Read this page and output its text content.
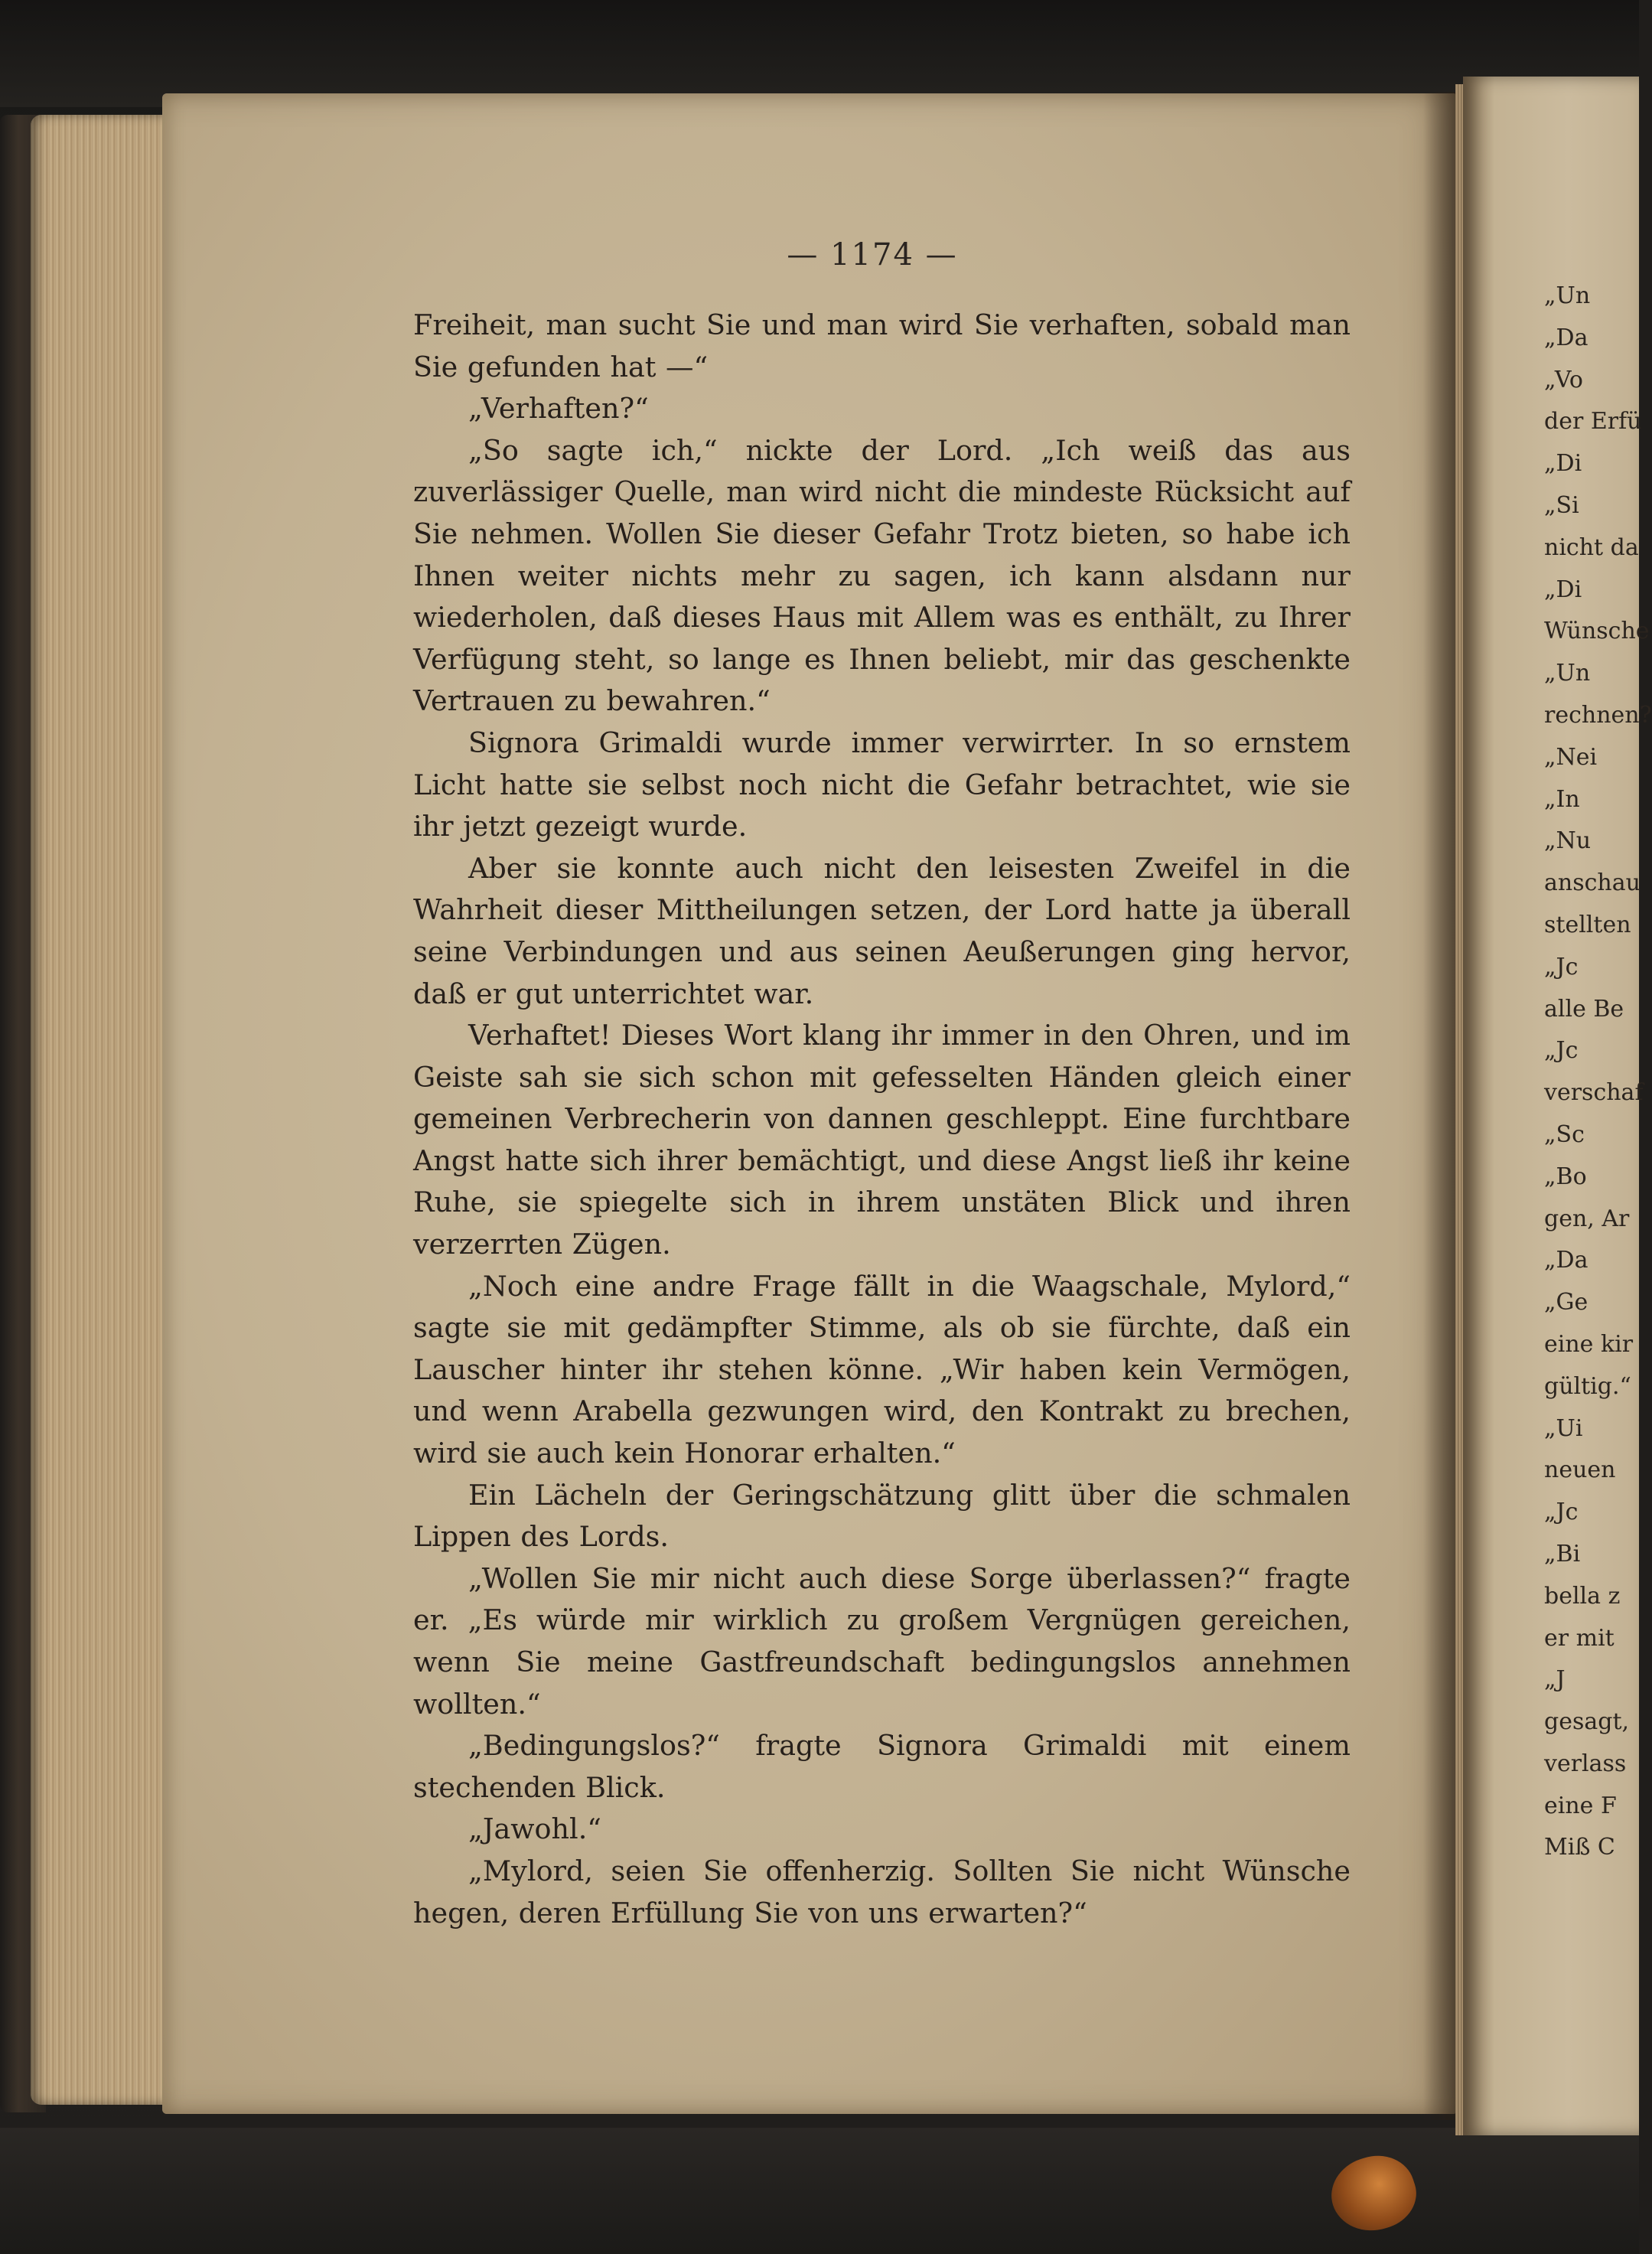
— 1174 —

Freiheit, man sucht Sie und man wird Sie verhaften, sobald man Sie gefunden hat —“

„Verhaften?“

„So sagte ich,“ nickte der Lord. „Ich weiß das aus zuverlässiger Quelle, man wird nicht die mindeste Rücksicht auf Sie nehmen. Wollen Sie dieser Gefahr Trotz bieten, so habe ich Ihnen weiter nichts mehr zu sagen, ich kann alsdann nur wiederholen, daß dieses Haus mit Allem was es enthält, zu Ihrer Verfügung steht, so lange es Ihnen beliebt, mir das geschenkte Vertrauen zu bewahren.“

Signora Grimaldi wurde immer verwirrter. In so ernstem Licht hatte sie selbst noch nicht die Gefahr betrachtet, wie sie ihr jetzt gezeigt wurde.

Aber sie konnte auch nicht den leisesten Zweifel in die Wahrheit dieser Mittheilungen setzen, der Lord hatte ja überall seine Verbindungen und aus seinen Aeußerungen ging hervor, daß er gut unterrichtet war.

Verhaftet! Dieses Wort klang ihr immer in den Ohren, und im Geiste sah sie sich schon mit gefesselten Händen gleich einer gemeinen Verbrecherin von dannen geschleppt. Eine furchtbare Angst hatte sich ihrer bemächtigt, und diese Angst ließ ihr keine Ruhe, sie spiegelte sich in ihrem unstäten Blick und ihren verzerrten Zügen.

„Noch eine andre Frage fällt in die Waagschale, Mylord,“ sagte sie mit gedämpfter Stimme, als ob sie fürchte, daß ein Lauscher hinter ihr stehen könne. „Wir haben kein Vermögen, und wenn Arabella gezwungen wird, den Kontrakt zu brechen, wird sie auch kein Honorar erhalten.“

Ein Lächeln der Geringschätzung glitt über die schmalen Lippen des Lords.

„Wollen Sie mir nicht auch diese Sorge überlassen?“ fragte er. „Es würde mir wirklich zu großem Vergnügen gereichen, wenn Sie meine Gastfreundschaft bedingungslos annehmen wollten.“

„Bedingungslos?“ fragte Signora Grimaldi mit einem stechenden Blick.

„Jawohl.“

„Mylord, seien Sie offenherzig. Sollten Sie nicht Wünsche hegen, deren Erfüllung Sie von uns erwarten?“

„Un
„Da
„Vo
der Erfü
„Di
„Si
nicht da
„Di
Wünsche
„Un
rechnen?
„Nei
„In
„Nu
anschau
stellten
„Jc
alle Be
„Jc
verschaf
„Sc
„Bo
gen, Ar
„Da
„Ge
eine kir
gültig.“
„Ui
neuen
„Jc
„Bi
bella z
er mit
„J
gesagt,
verlass
eine F
Miß C
